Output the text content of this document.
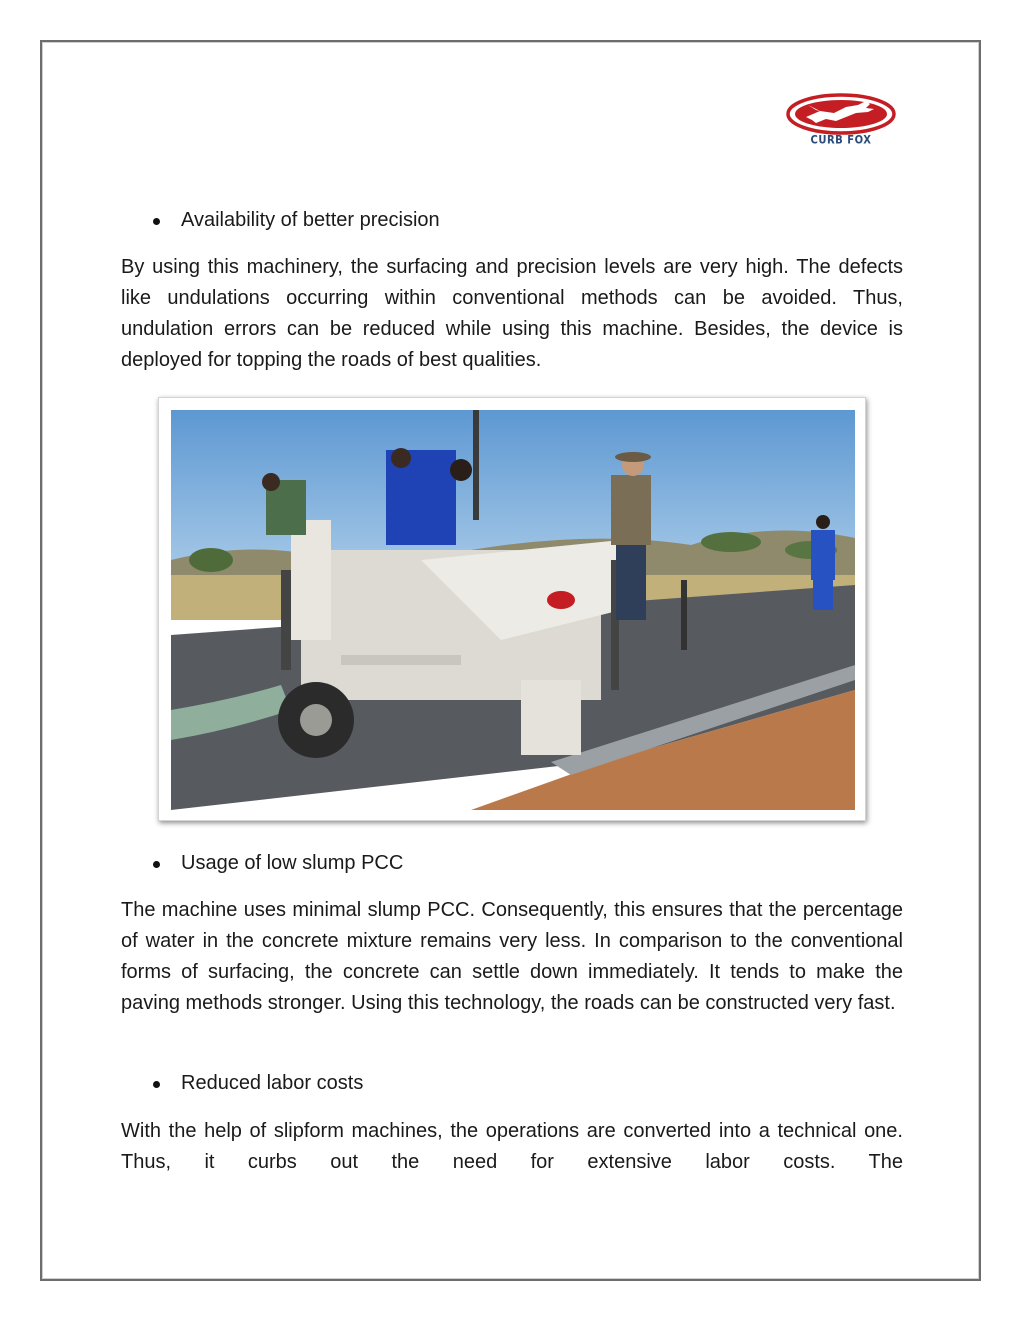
CURB FOX
Availability of better precision

By using this machinery, the surfacing and precision levels are very high. The defects like undulations occurring within conventional methods can be avoided. Thus, undulation errors can be reduced while using this machine. Besides, the device is deployed for topping the roads of best qualities.

Usage of low slump PCC

The machine uses minimal slump PCC. Consequently, this ensures that the percentage of water in the concrete mixture remains very less. In comparison to the conventional forms of surfacing, the concrete can settle down immediately. It tends to make the paving methods stronger. Using this technology, the roads can be constructed very fast.

Reduced labor costs

With the help of slipform machines, the operations are converted into a technical one. Thus, it curbs out the need for extensive labor costs. The
